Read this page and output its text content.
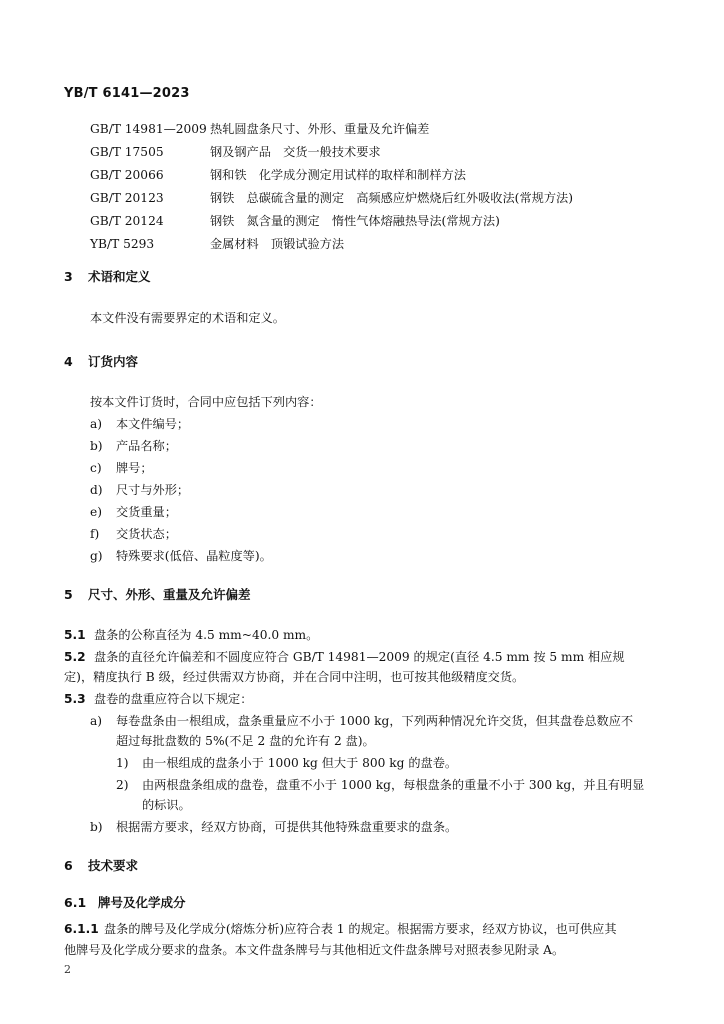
YB/T 6141—2023
GB/T 14981—2009 热轧圆盘条尺寸、外形、重量及允许偏差
GB/T 17505	钢及钢产品　交货一般技术要求
GB/T 20066	钢和铁　化学成分测定用试样的取样和制样方法
GB/T 20123	钢铁　总碳硫含量的测定　高频感应炉燃烧后红外吸收法(常规方法)
GB/T 20124	钢铁　氮含量的测定　惰性气体熔融热导法(常规方法)
YB/T 5293	金属材料　顶锻试验方法
3 术语和定义
本文件没有需要界定的术语和定义。
4 订货内容
按本文件订货时，合同中应包括下列内容：
a) 本文件编号；
b) 产品名称；
c) 牌号；
d) 尺寸与外形；
e) 交货重量；
f) 交货状态；
g) 特殊要求(低倍、晶粒度等)。
5 尺寸、外形、重量及允许偏差
5.1 盘条的公称直径为 4.5 mm~40.0 mm。
5.2 盘条的直径允许偏差和不圆度应符合 GB/T 14981—2009 的规定(直径 4.5 mm 按 5 mm 相应规
定)，精度执行 B 级，经过供需双方协商，并在合同中注明，也可按其他级精度交货。
5.3 盘卷的盘重应符合以下规定：
a) 每卷盘条由一根组成，盘条重量应不小于 1000 kg，下列两种情况允许交货，但其盘卷总数应不
超过每批盘数的 5%(不足 2 盘的允许有 2 盘)。
1) 由一根组成的盘条小于 1000 kg 但大于 800 kg 的盘卷。
2) 由两根盘条组成的盘卷，盘重不小于 1000 kg，每根盘条的重量不小于 300 kg，并且有明显
的标识。
b) 根据需方要求，经双方协商，可提供其他特殊盘重要求的盘条。
6 技术要求
6.1 牌号及化学成分
6.1.1 盘条的牌号及化学成分(熔炼分析)应符合表 1 的规定。根据需方要求，经双方协议，也可供应其
他牌号及化学成分要求的盘条。本文件盘条牌号与其他相近文件盘条牌号对照表参见附录 A。
2
